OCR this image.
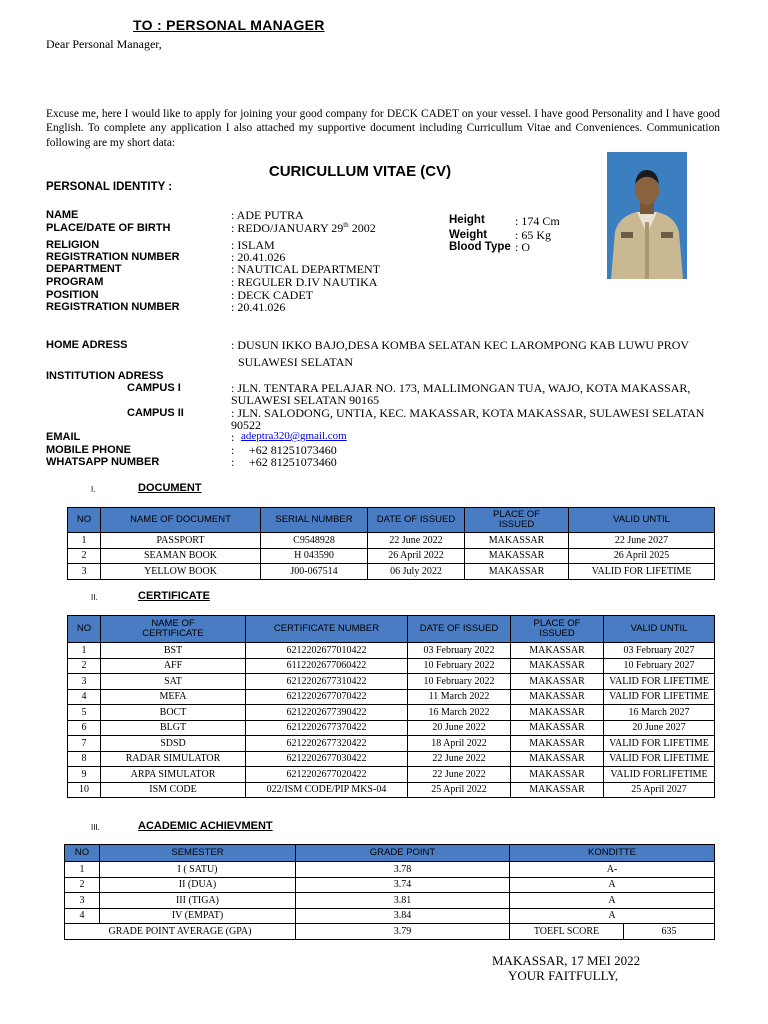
TO : PERSONAL MANAGER
Dear Personal Manager,
Excuse me, here I would like to apply for joining your good company for DECK CADET on your vessel. I have good Personality and I have good English. To complete any application I also attached my supportive document including Curricullum Vitae and Conveniences. Communication following are my short data:
CURICULLUM VITAE (CV)
PERSONAL IDENTITY :
Height	: 174 Cm
Weight : 65 Kg
Blood Type : O
NAME	: ADE PUTRA
PLACE/DATE OF BIRTH	: REDO/JANUARY 29th 2002
RELIGION	: ISLAM
REGISTRATION NUMBER	: 20.41.026
DEPARTMENT	: NAUTICAL DEPARTMENT
PROGRAM	: REGULER D.IV NAUTIKA
POSITION	: DECK CADET
REGISTRATION NUMBER	: 20.41.026
HOME ADRESS	: DUSUN IKKO BAJO,DESA KOMBA SELATAN KEC LAROMPONG KAB LUWU PROV
SULAWESI SELATAN
INSTITUTION ADRESS
CAMPUS I	: JLN. TENTARA PELAJAR NO. 173, MALLIMONGAN TUA, WAJO, KOTA MAKASSAR,
SULAWESI SELATAN 90165
CAMPUS II	: JLN. SALODONG, UNTIA, KEC. MAKASSAR, KOTA MAKASSAR, SULAWESI SELATAN
90522
EMAIL	: adeptra320@gmail.com
MOBILE PHONE	: +62 81251073460
WHATSAPP NUMBER	: +62 81251073460
I.	DOCUMENT
NO	NAME OF DOCUMENT	SERIAL NUMBER	DATE OF ISSUED	PLACE OF ISSUED	VALID UNTIL
1	PASSPORT	C9548928	22 June 2022	MAKASSAR	22 June 2027
2	SEAMAN BOOK	H 043590	26 April 2022	MAKASSAR	26 April 2025
3	YELLOW BOOK	J00-067514	06 July 2022	MAKASSAR	VALID FOR LIFETIME
II.	CERTIFICATE
NO	NAME OF CERTIFICATE	CERTIFICATE NUMBER	DATE OF ISSUED	PLACE OF ISSUED	VALID UNTIL
1	BST	6212202677010422	03 February 2022	MAKASSAR	03 February 2027
2	AFF	6112202677060422	10 February 2022	MAKASSAR	10 February 2027
3	SAT	6212202677310422	10 February 2022	MAKASSAR	VALID FOR LIFETIME
4	MEFA	6212202677070422	11 March 2022	MAKASSAR	VALID FOR LIFETIME
5	BOCT	6212202677390422	16 March 2022	MAKASSAR	16 March 2027
6	BLGT	6212202677370422	20 June 2022	MAKASSAR	20 June 2027
7	SDSD	6212202677320422	18 April 2022	MAKASSAR	VALID FOR LIFETIME
8	RADAR SIMULATOR	6212202677030422	22 June 2022	MAKASSAR	VALID FOR LIFETIME
9	ARPA SIMULATOR	6212202677020422	22 June 2022	MAKASSAR	VALID FORLIFETIME
10	ISM CODE	022/ISM CODE/PIP MKS-04	25 April 2022	MAKASSAR	25 April 2027
III.	ACADEMIC ACHIEVMENT
NO	SEMESTER	GRADE POINT	KONDITTE	
1	I ( SATU)	3.78	A-	
2	II (DUA)	3.74	A	
3	III (TIGA)	3.81	A	
4	IV (EMPAT)	3.84	A	
GRADE POINT AVERAGE (GPA)		3.79	TOEFL SCORE	635
MAKASSAR, 17 MEI 2022
YOUR FAITFULLY,
